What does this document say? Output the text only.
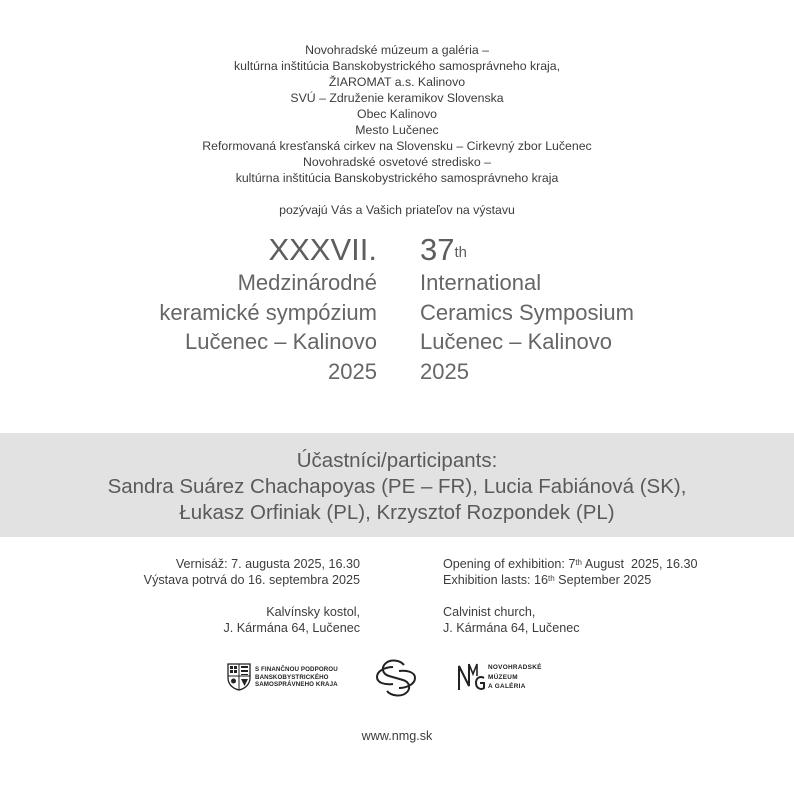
Novohradské múzeum a galéria –
kultúrna inštitúcia Banskobystrického samosprávneho kraja,
ŽIAROMAT a.s. Kalinovo
SVÚ – Združenie keramikov Slovenska
Obec Kalinovo
Mesto Lučenec
Reformovaná kresťanská cirkev na Slovensku – Cirkevný zbor Lučenec
Novohradské osvetové stredisko –
kultúrna inštitúcia Banskobystrického samosprávneho kraja
pozývajú Vás a Vašich priateľov na výstavu
XXXVII.
Medzinárodné
keramické sympózium
Lučenec – Kalinovo
2025
37th
International
Ceramics Symposium
Lučenec – Kalinovo
2025
Účastníci/participants:
Sandra Suárez Chachapoyas (PE – FR), Lucia Fabiánová (SK),
Łukasz Orfiniak (PL), Krzysztof Rozpondek (PL)
Vernisáž: 7. augusta 2025, 16.30
Výstava potrvá do 16. septembra 2025
Kalvínsky kostol,
J. Kármána 64, Lučenec
Opening of exhibition: 7th August  2025, 16.30
Exhibition lasts: 16th September 2025
Calvinist church,
J. Kármána 64, Lučenec
S FINANČNOU PODPOROU
BANSKOBYSTRICKÉHO
SAMOSPRÁVNEHO KRAJA
NOVOHRADSKÉ
MÚZEUM
A GALÉRIA
www.nmg.sk
